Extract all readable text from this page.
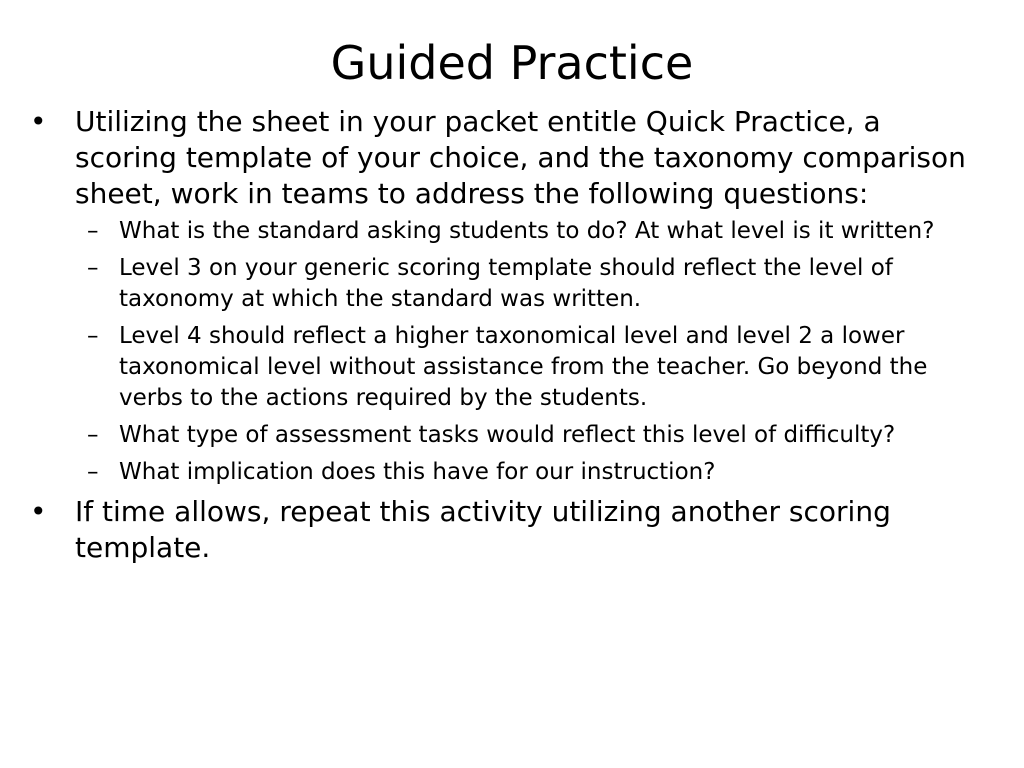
Guided Practice
•	Utilizing the sheet in your packet entitle Quick Practice, a scoring template of your choice, and the taxonomy comparison sheet, work in teams to address the following questions:
– What is the standard asking students to do? At what level is it written?
– Level 3 on your generic scoring template should reflect the level of taxonomy at which the standard was written.
– Level 4 should reflect a higher taxonomical level and level 2 a lower taxonomical level without assistance from the teacher. Go beyond the verbs to the actions required by the students.
– What type of assessment tasks would reflect this level of difficulty?
– What implication does this have for our instruction?
•	If time allows, repeat this activity utilizing another scoring template.
